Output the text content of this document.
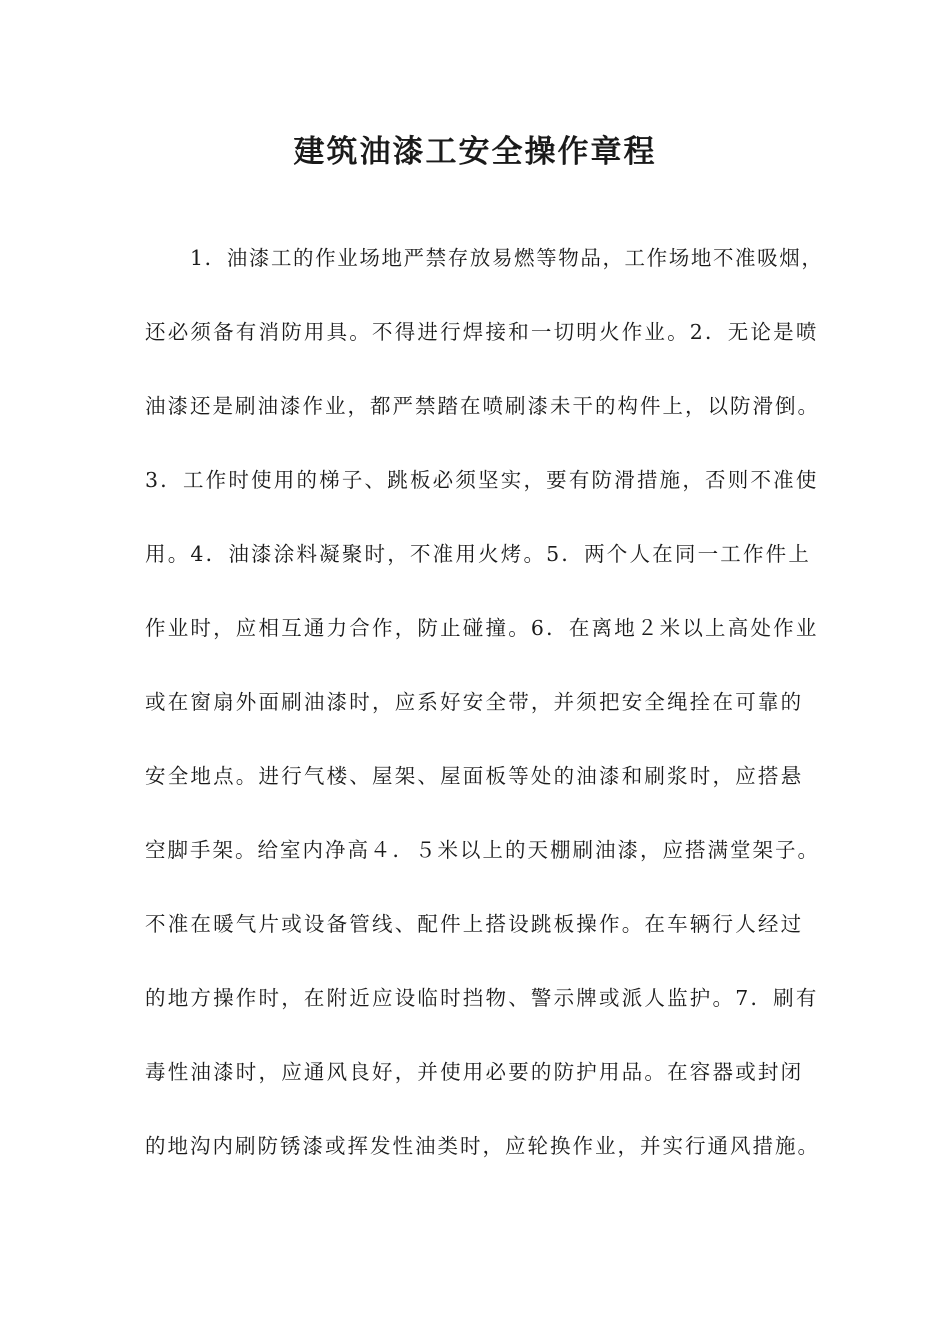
建筑油漆工安全操作章程
1．油漆工的作业场地严禁存放易燃等物品，工作场地不准吸烟，
还必须备有消防用具。不得进行焊接和一切明火作业。2．无论是喷
油漆还是刷油漆作业，都严禁踏在喷刷漆未干的构件上，以防滑倒。
3．工作时使用的梯子、跳板必须坚实，要有防滑措施，否则不准使
用。4．油漆涂料凝聚时，不准用火烤。5．两个人在同一工作件上
作业时，应相互通力合作，防止碰撞。6．在离地２米以上高处作业
或在窗扇外面刷油漆时，应系好安全带，并须把安全绳拴在可靠的
安全地点。进行气楼、屋架、屋面板等处的油漆和刷浆时，应搭悬
空脚手架。给室内净高４．５米以上的天棚刷油漆，应搭满堂架子。
不准在暖气片或设备管线、配件上搭设跳板操作。在车辆行人经过
的地方操作时，在附近应设临时挡物、警示牌或派人监护。7．刷有
毒性油漆时，应通风良好，并使用必要的防护用品。在容器或封闭
的地沟内刷防锈漆或挥发性油类时，应轮换作业，并实行通风措施。
